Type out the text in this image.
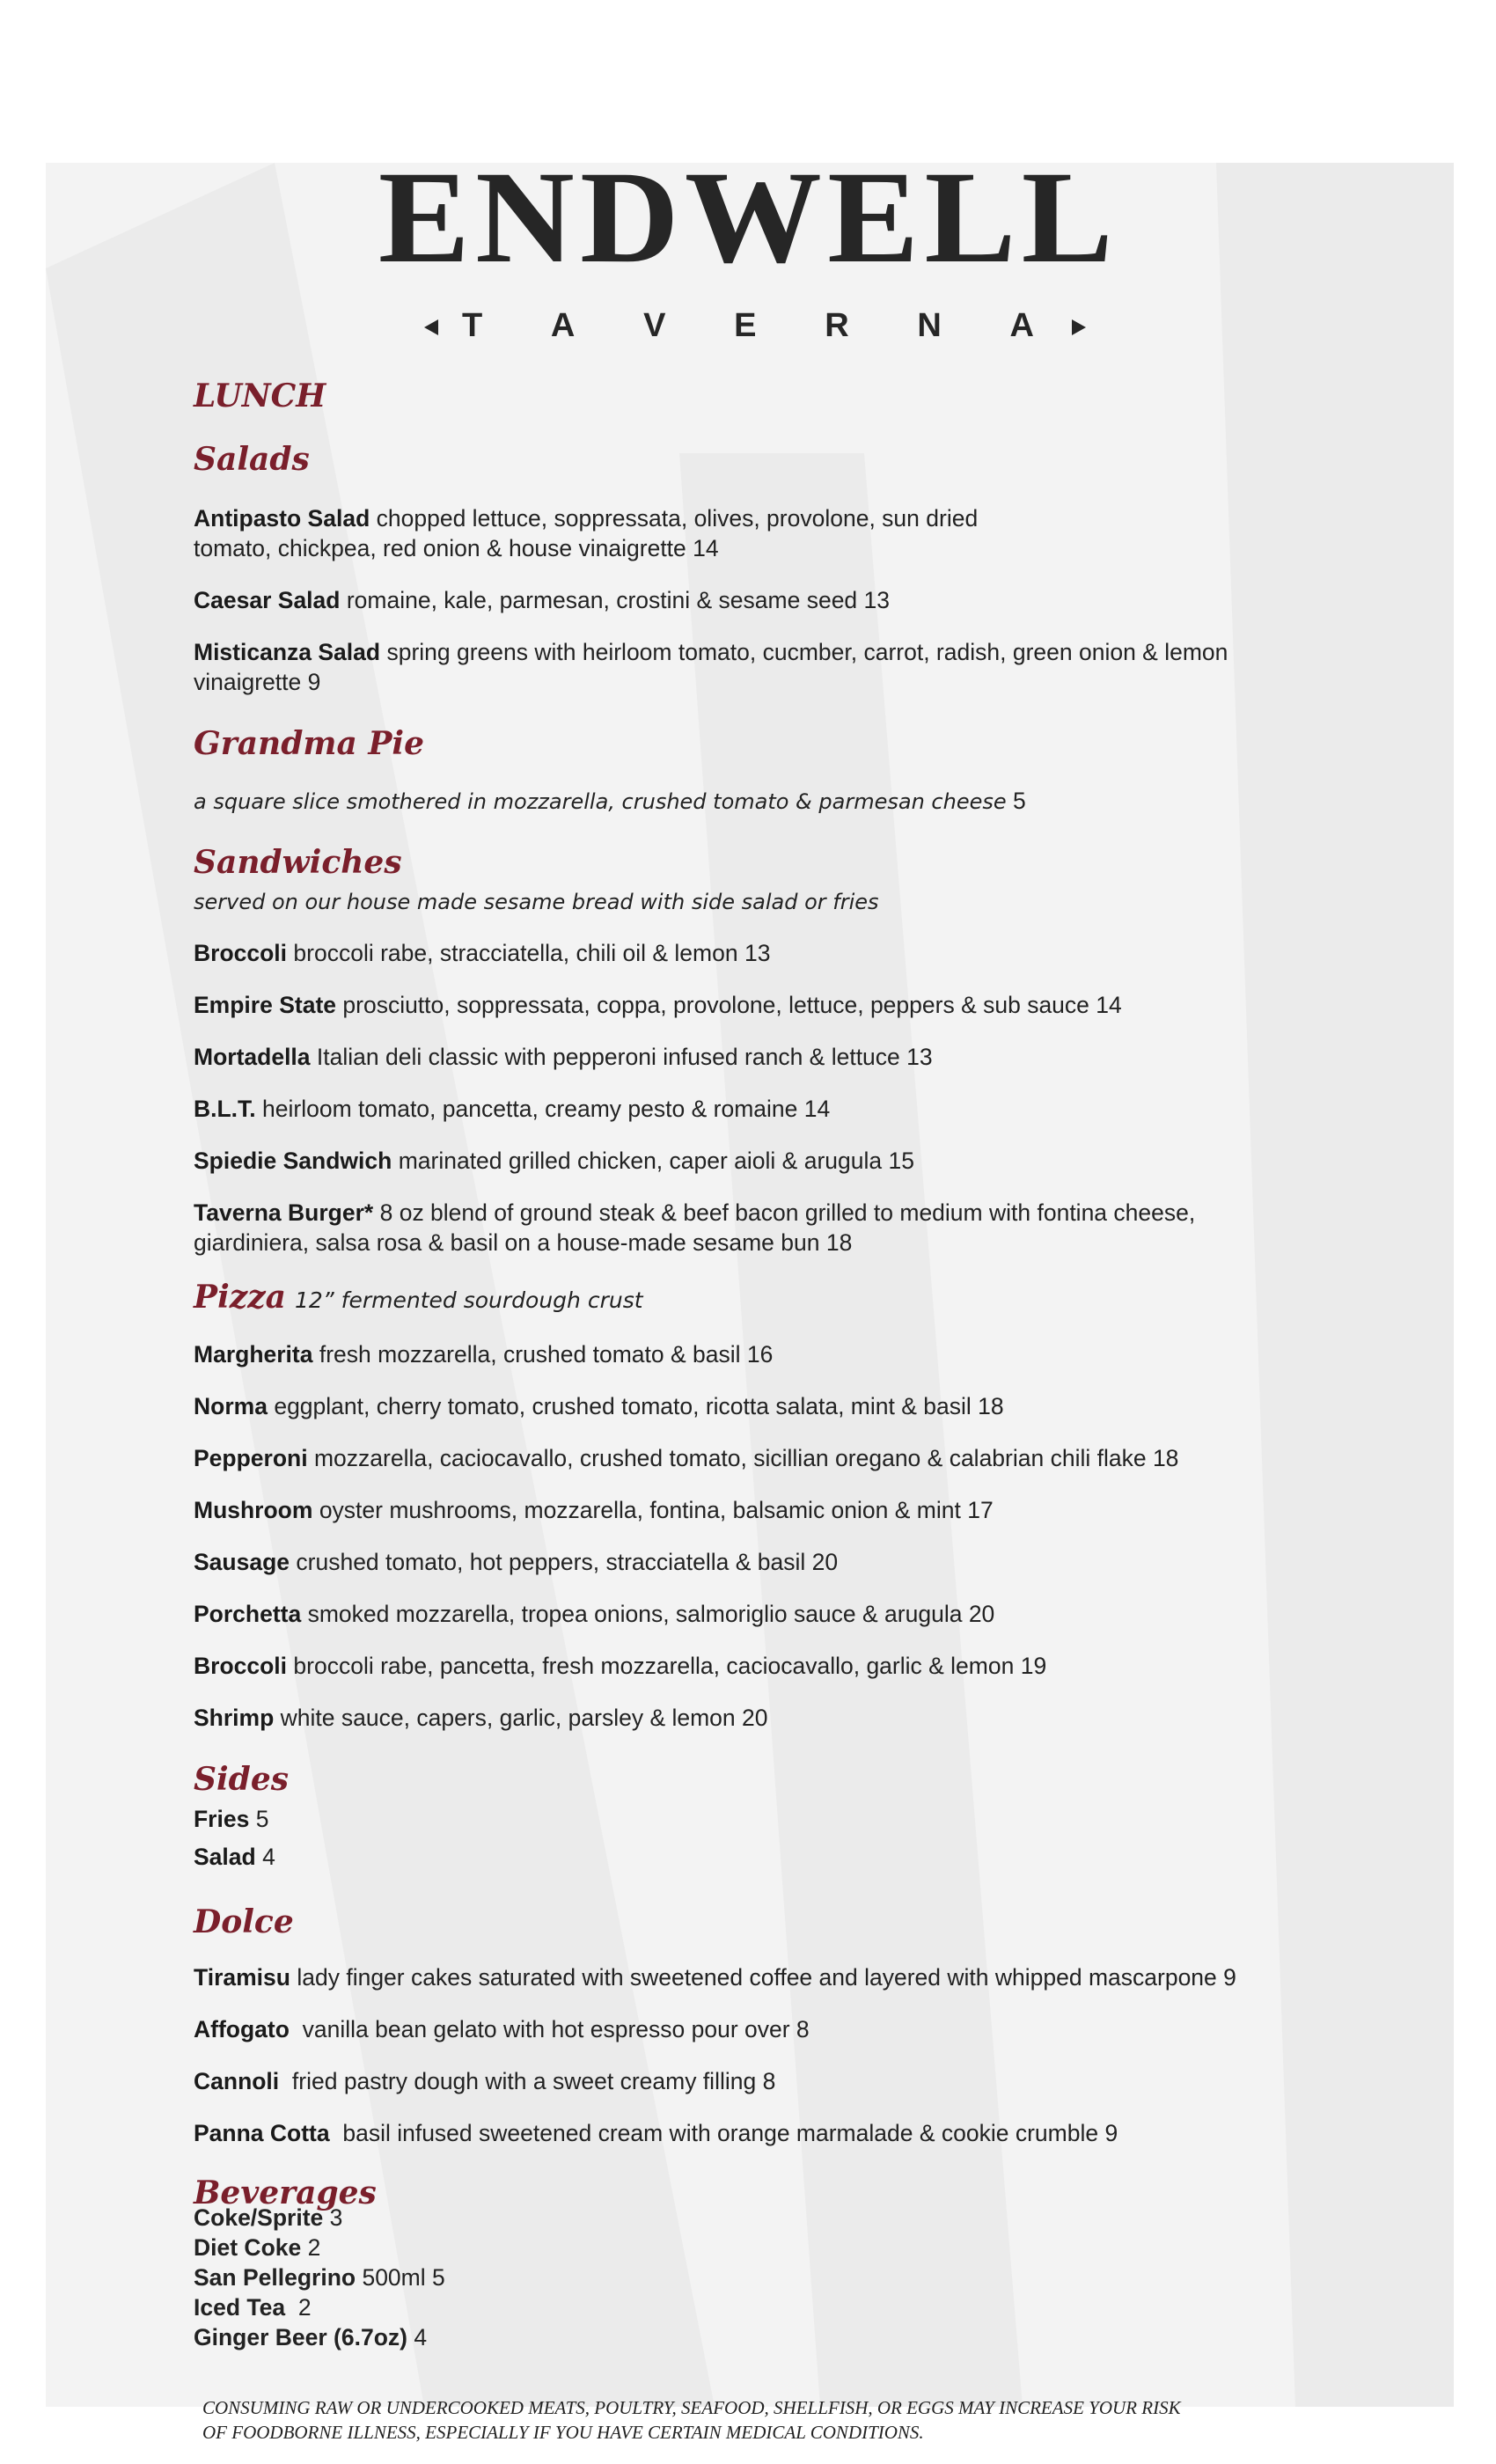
ENDWELL
T A V E R N A
LUNCH
Salads
Antipasto Salad chopped lettuce, soppressata, olives, provolone, sun dried
tomato, chickpea, red onion & house vinaigrette 14
Caesar Salad romaine, kale, parmesan, crostini & sesame seed 13
Misticanza Salad spring greens with heirloom tomato, cucmber, carrot, radish, green onion & lemon
vinaigrette 9
Grandma Pie
a square slice smothered in mozzarella, crushed tomato & parmesan cheese 5
Sandwiches
served on our house made sesame bread with side salad or fries
Broccoli broccoli rabe, stracciatella, chili oil & lemon 13
Empire State prosciutto, soppressata, coppa, provolone, lettuce, peppers & sub sauce 14
Mortadella Italian deli classic with pepperoni infused ranch & lettuce 13
B.L.T. heirloom tomato, pancetta, creamy pesto & romaine 14
Spiedie Sandwich marinated grilled chicken, caper aioli & arugula 15
Taverna Burger* 8 oz blend of ground steak & beef bacon grilled to medium with fontina cheese,
giardiniera, salsa rosa & basil on a house-made sesame bun 18
Pizza 12” fermented sourdough crust
Margherita fresh mozzarella, crushed tomato & basil 16
Norma eggplant, cherry tomato, crushed tomato, ricotta salata, mint & basil 18
Pepperoni mozzarella, caciocavallo, crushed tomato, sicillian oregano & calabrian chili flake 18
Mushroom oyster mushrooms, mozzarella, fontina, balsamic onion & mint 17
Sausage crushed tomato, hot peppers, stracciatella & basil 20
Porchetta smoked mozzarella, tropea onions, salmoriglio sauce & arugula 20
Broccoli broccoli rabe, pancetta, fresh mozzarella, caciocavallo, garlic & lemon 19
Shrimp white sauce, capers, garlic, parsley & lemon 20
Sides
Fries 5
Salad 4
Dolce
Tiramisu lady finger cakes saturated with sweetened coffee and layered with whipped mascarpone 9
Affogato vanilla bean gelato with hot espresso pour over 8
Cannoli fried pastry dough with a sweet creamy filling 8
Panna Cotta basil infused sweetened cream with orange marmalade & cookie crumble 9
Beverages
Coke/Sprite 3
Diet Coke 2
San Pellegrino 500ml 5
Iced Tea 2
Ginger Beer (6.7oz) 4
CONSUMING RAW OR UNDERCOOKED MEATS, POULTRY, SEAFOOD, SHELLFISH, OR EGGS MAY INCREASE YOUR RISK
OF FOODBORNE ILLNESS, ESPECIALLY IF YOU HAVE CERTAIN MEDICAL CONDITIONS.
